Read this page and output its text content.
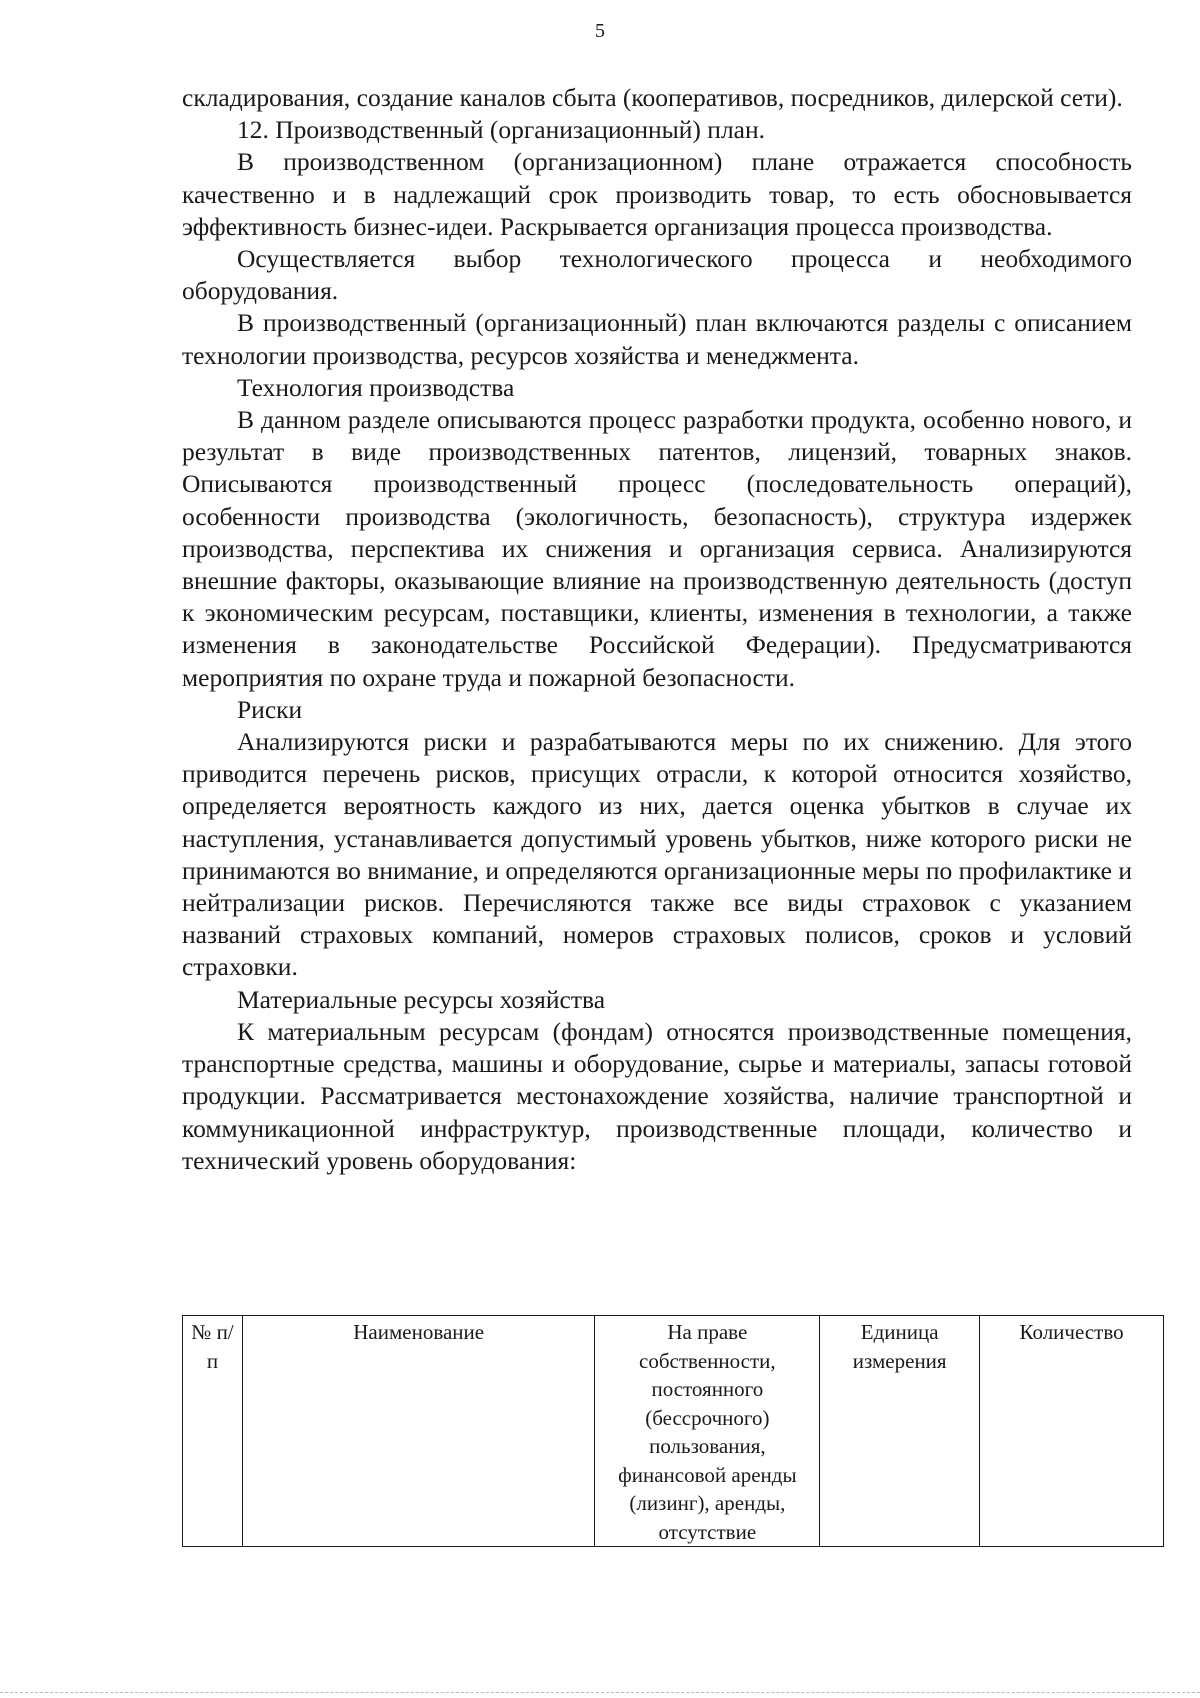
5

складирования, создание каналов сбыта (кооперативов, посредников, дилерской сети).

12. Производственный (организационный) план.

В производственном (организационном) плане отражается способность качественно и в надлежащий срок производить товар, то есть обосновывается эффективность бизнес-идеи. Раскрывается организация процесса производства.

Осуществляется выбор технологического процесса и необходимого оборудования.

В производственный (организационный) план включаются разделы с описанием технологии производства, ресурсов хозяйства и менеджмента.

Технология производства

В данном разделе описываются процесс разработки продукта, особенно нового, и результат в виде производственных патентов, лицензий, товарных знаков. Описываются производственный процесс (последовательность операций), особенности производства (экологичность, безопасность), структура издержек производства, перспектива их снижения и организация сервиса. Анализируются внешние факторы, оказывающие влияние на производственную деятельность (доступ к экономическим ресурсам, поставщики, клиенты, изменения в технологии, а также изменения в законодательстве Российской Федерации). Предусматриваются мероприятия по охране труда и пожарной безопасности.

Риски

Анализируются риски и разрабатываются меры по их снижению. Для этого приводится перечень рисков, присущих отрасли, к которой относится хозяйство, определяется вероятность каждого из них, дается оценка убытков в случае их наступления, устанавливается допустимый уровень убытков, ниже которого риски не принимаются во внимание, и определяются организационные меры по профилактике и нейтрализации рисков. Перечисляются также все виды страховок с указанием названий страховых компаний, номеров страховых полисов, сроков и условий страховки.

Материальные ресурсы хозяйства

К материальным ресурсам (фондам) относятся производственные помещения, транспортные средства, машины и оборудование, сырье и материалы, запасы готовой продукции. Рассматривается местонахождение хозяйства, наличие транспортной и коммуникационной инфраструктур, производственные площади, количество и технический уровень оборудования:

№ п/п	Наименование	На праве собственности, постоянного (бессрочного) пользования, финансовой аренды (лизинг), аренды, отсутствие	Единица измерения	Количество
